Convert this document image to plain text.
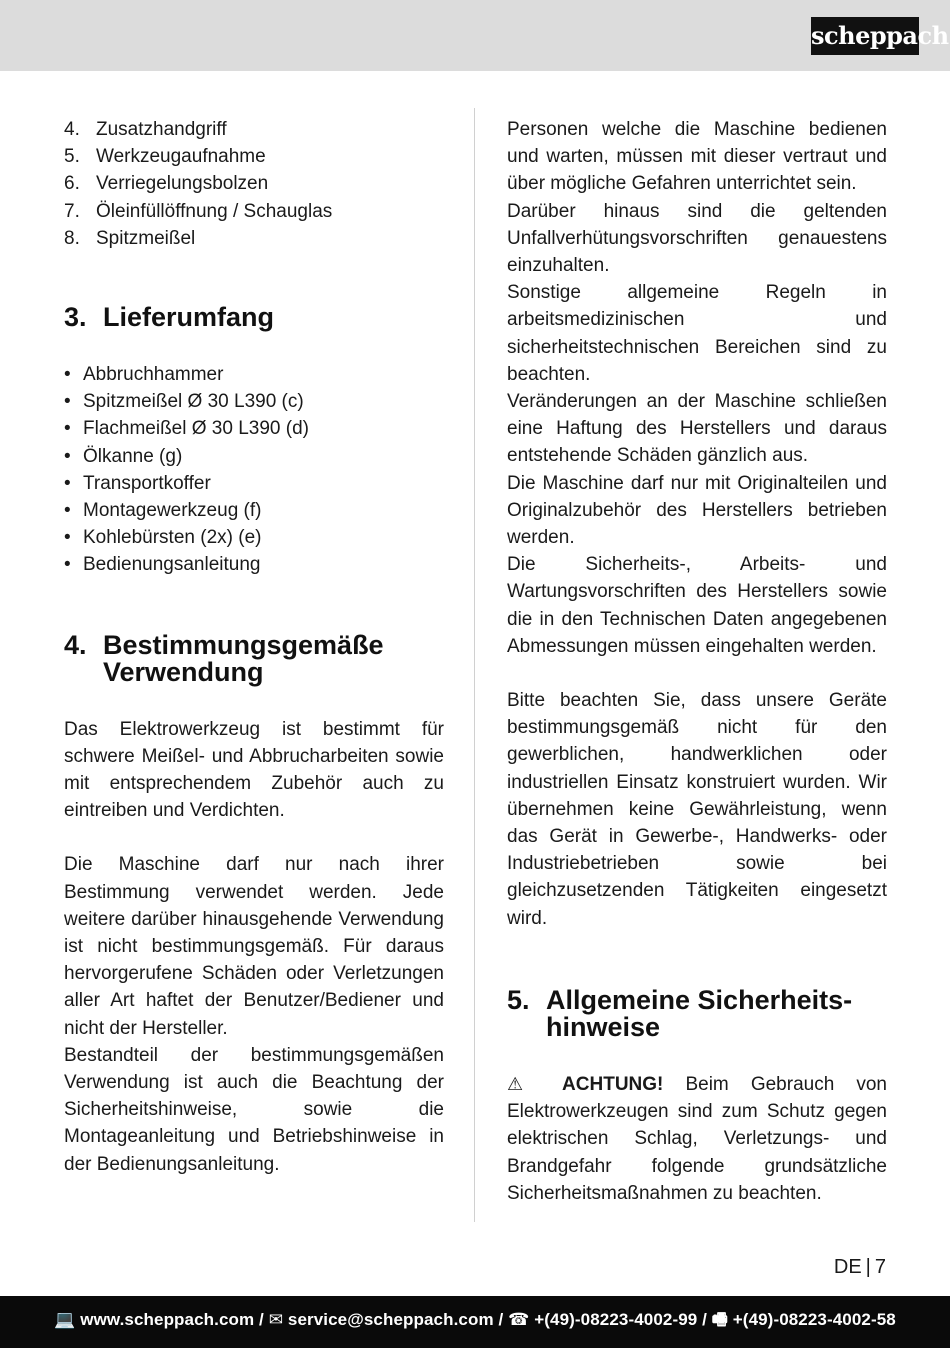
scheppach
4. Zusatzhandgriff
5. Werkzeugaufnahme
6. Verriegelungsbolzen
7. Öleinfüllöffnung / Schauglas
8. Spitzmeißel
3. Lieferumfang
• Abbruchhammer
• Spitzmeißel Ø 30 L390 (c)
• Flachmeißel Ø 30 L390 (d)
• Ölkanne (g)
• Transportkoffer
• Montagewerkzeug (f)
• Kohlebürsten (2x) (e)
• Bedienungsanleitung
4. Bestimmungsgemäße
Verwendung

Das Elektrowerkzeug ist bestimmt für schwere Meißel- und Abbrucharbeiten sowie mit entsprechendem Zubehör auch zu eintreiben und Verdichten.

Die Maschine darf nur nach ihrer Bestimmung verwendet werden. Jede weitere darüber hinausgehende Verwendung ist nicht bestimmungsgemäß. Für daraus hervorgerufene Schäden oder Verletzungen aller Art haftet der Benutzer/Bediener und nicht der Hersteller.

Bestandteil der bestimmungsgemäßen Verwendung ist auch die Beachtung der Sicherheitshinweise, sowie die Montageanleitung und Betriebshinweise in der Bedienungsanleitung.

Personen welche die Maschine bedienen und warten, müssen mit dieser vertraut und über mögliche Gefahren unterrichtet sein.

Darüber hinaus sind die geltenden Unfallverhütungsvorschriften genauestens einzuhalten.

Sonstige allgemeine Regeln in arbeitsmedizinischen und sicherheitstechnischen Bereichen sind zu beachten.

Veränderungen an der Maschine schließen eine Haftung des Herstellers und daraus entstehende Schäden gänzlich aus.

Die Maschine darf nur mit Originalteilen und Originalzubehör des Herstellers betrieben werden.

Die Sicherheits-, Arbeits- und Wartungsvorschriften des Herstellers sowie die in den Technischen Daten angegebenen Abmessungen müssen eingehalten werden.

Bitte beachten Sie, dass unsere Geräte bestimmungsgemäß nicht für den gewerblichen, handwerklichen oder industriellen Einsatz konstruiert wurden. Wir übernehmen keine Gewährleistung, wenn das Gerät in Gewerbe-, Handwerks- oder Industriebetrieben sowie bei gleichzusetzenden Tätigkeiten eingesetzt wird.

5. Allgemeine Sicherheits-
hinweise

⚠ ACHTUNG! Beim Gebrauch von Elektrowerkzeugen sind zum Schutz gegen elektrischen Schlag, Verletzungs- und Brandgefahr folgende grundsätzliche Sicherheitsmaßnahmen zu beachten.

DE | 7
💻 www.scheppach.com / ✉ service@scheppach.com / ☎ +(49)-08223-4002-99 / 🖷 +(49)-08223-4002-58
